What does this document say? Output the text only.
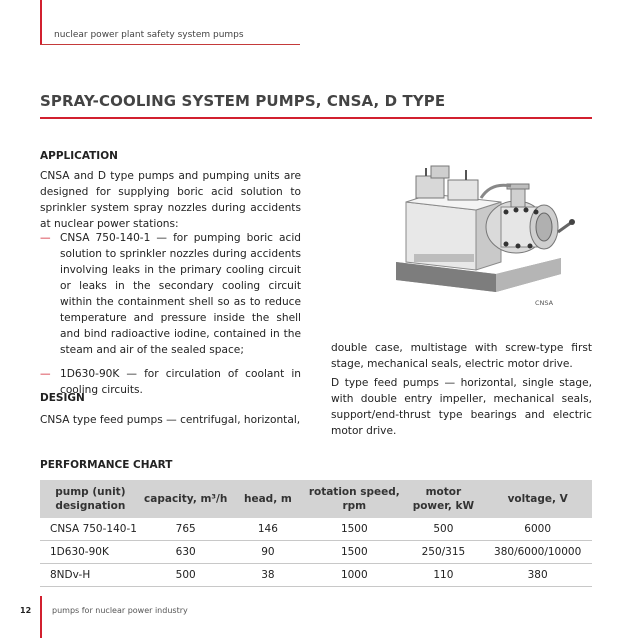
nuclear power plant safety system pumps
SPRAY-COOLING SYSTEM PUMPS, CNSA, D TYPE
APPLICATION
CNSA and D type pumps and pumping units are designed for supplying boric acid solution to sprinkler system spray nozzles during accidents at nuclear power stations:
— CNSA 750-140-1 — for pumping boric acid solution to sprinkler nozzles during accidents involving leaks in the primary cooling circuit or leaks in the secondary cooling circuit within the containment shell so as to reduce temperature and pressure inside the shell and bind radioactive iodine, contained in the steam and air of the sealed space;
— 1D630-90K — for circulation of coolant in cooling circuits.
DESIGN
CNSA type feed pumps — centrifugal, horizontal,
double case, multistage with screw-type first stage, mechanical seals, electric motor drive.
D type feed pumps — horizontal, single stage, with double entry impeller, mechanical seals, support/end-thrust type bearings and electric motor drive.
CNSA
PERFORMANCE CHART
pump (unit) designation	capacity, m³/h	head, m	rotation speed, rpm	motor power, kW	voltage, V
CNSA 750-140-1	765	146	1500	500	6000
1D630-90K	630	90	1500	250/315	380/6000/10000
8NDv-H	500	38	1000	110	380
12	pumps for nuclear power industry
